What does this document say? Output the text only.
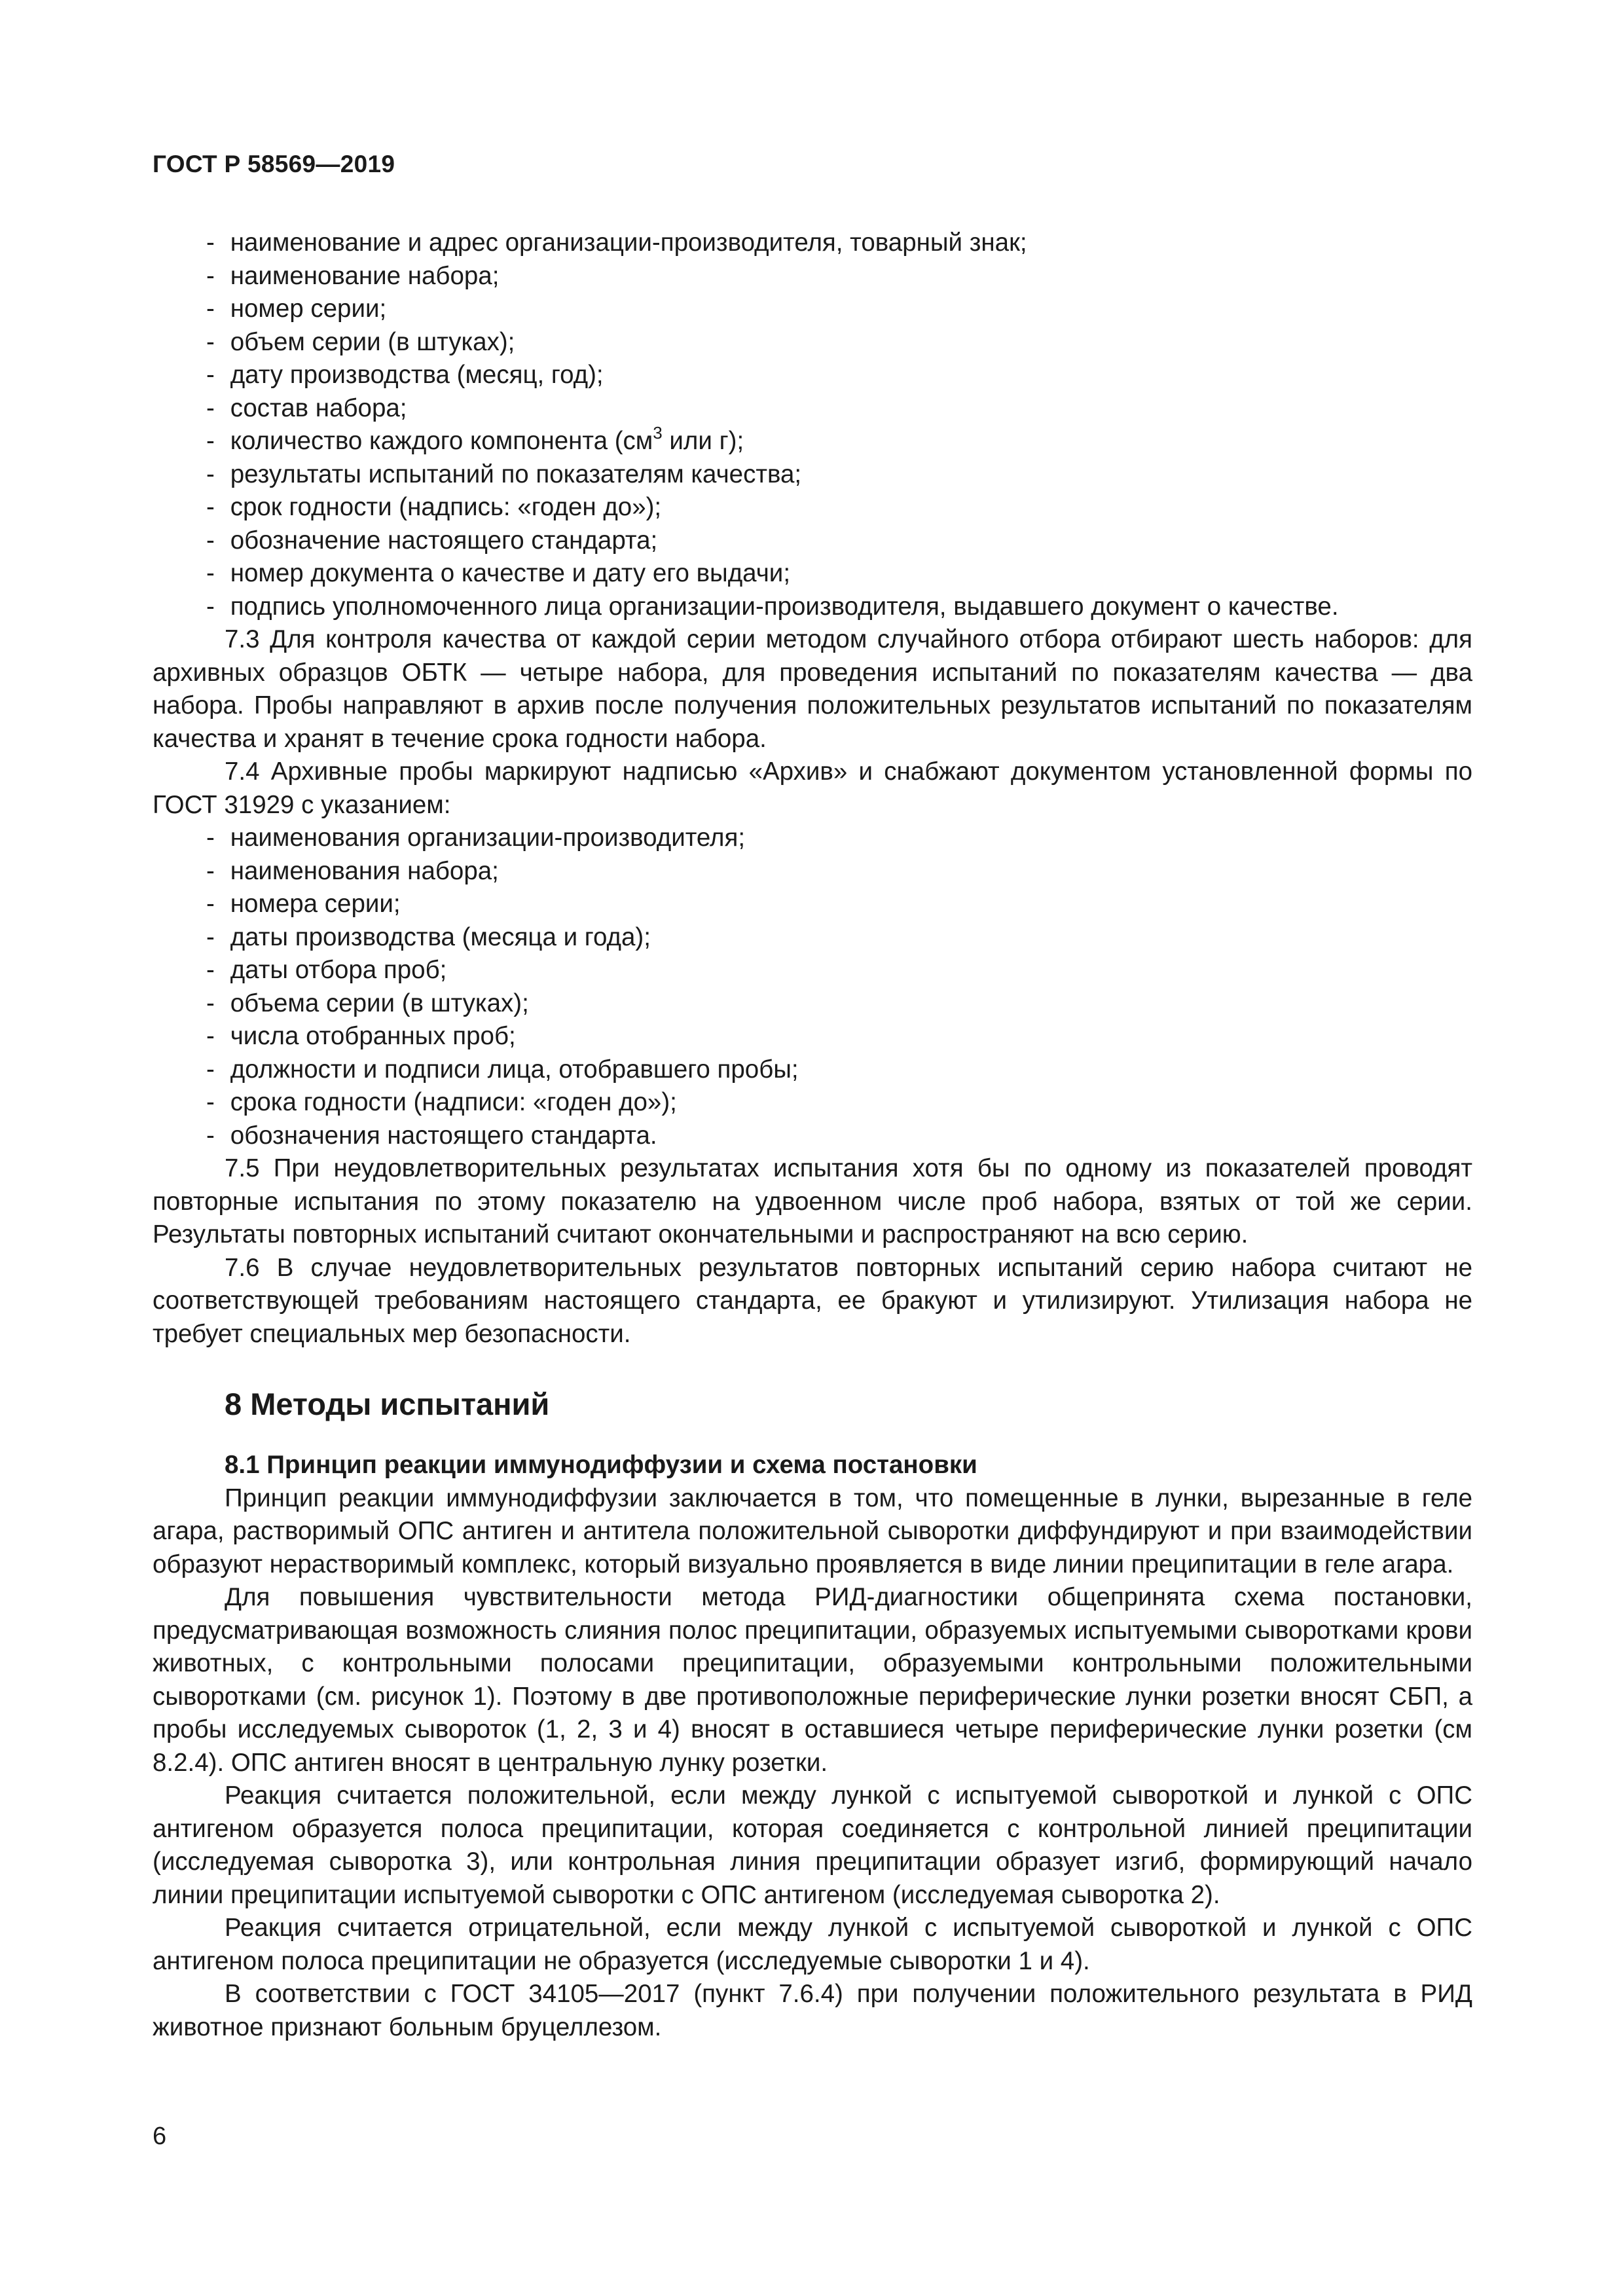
ГОСТ Р 58569—2019
- наименование и адрес организации-производителя, товарный знак;
- наименование набора;
- номер серии;
- объем серии (в штуках);
- дату производства (месяц, год);
- состав набора;
- количество каждого компонента ($см^3$ или г);
- результаты испытаний по показателям качества;
- срок годности (надпись: «годен до»);
- обозначение настоящего стандарта;
- номер документа о качестве и дату его выдачи;
- подпись уполномоченного лица организации-производителя, выдавшего документ о качестве.

7.3 Для контроля качества от каждой серии методом случайного отбора отбирают шесть наборов: для архивных образцов ОБТК — четыре набора, для проведения испытаний по показателям качества — два набора. Пробы направляют в архив после получения положительных результатов испытаний по показателям качества и хранят в течение срока годности набора.

7.4 Архивные пробы маркируют надписью «Архив» и снабжают документом установленной формы по ГОСТ 31929 с указанием:

- наименования организации-производителя;
- наименования набора;
- номера серии;
- даты производства (месяца и года);
- даты отбора проб;
- объема серии (в штуках);
- числа отобранных проб;
- должности и подписи лица, отобравшего пробы;
- срока годности (надписи: «годен до»);
- обозначения настоящего стандарта.

7.5 При неудовлетворительных результатах испытания хотя бы по одному из показателей проводят повторные испытания по этому показателю на удвоенном числе проб набора, взятых от той же серии. Результаты повторных испытаний считают окончательными и распространяют на всю серию.

7.6 В случае неудовлетворительных результатов повторных испытаний серию набора считают не соответствующей требованиям настоящего стандарта, ее бракуют и утилизируют. Утилизация набора не требует специальных мер безопасности.

8 Методы испытаний
8.1 Принцип реакции иммунодиффузии и схема постановки

Принцип реакции иммунодиффузии заключается в том, что помещенные в лунки, вырезанные в геле агара, растворимый ОПС антиген и антитела положительной сыворотки диффундируют и при взаимодействии образуют нерастворимый комплекс, который визуально проявляется в виде линии преципитации в геле агара.

Для повышения чувствительности метода РИД-диагностики общепринята схема постановки, предусматривающая возможность слияния полос преципитации, образуемых испытуемыми сыворотками крови животных, с контрольными полосами преципитации, образуемыми контрольными положительными сыворотками (см. рисунок 1). Поэтому в две противоположные периферические лунки розетки вносят СБП, а пробы исследуемых сывороток (1, 2, 3 и 4) вносят в оставшиеся четыре периферические лунки розетки (см 8.2.4). ОПС антиген вносят в центральную лунку розетки.

Реакция считается положительной, если между лункой с испытуемой сывороткой и лункой с ОПС антигеном образуется полоса преципитации, которая соединяется с контрольной линией преципитации (исследуемая сыворотка 3), или контрольная линия преципитации образует изгиб, формирующий начало линии преципитации испытуемой сыворотки с ОПС антигеном (исследуемая сыворотка 2).

Реакция считается отрицательной, если между лункой с испытуемой сывороткой и лункой с ОПС антигеном полоса преципитации не образуется (исследуемые сыворотки 1 и 4).

В соответствии с ГОСТ 34105—2017 (пункт 7.6.4) при получении положительного результата в РИД животное признают больным бруцеллезом.

6
